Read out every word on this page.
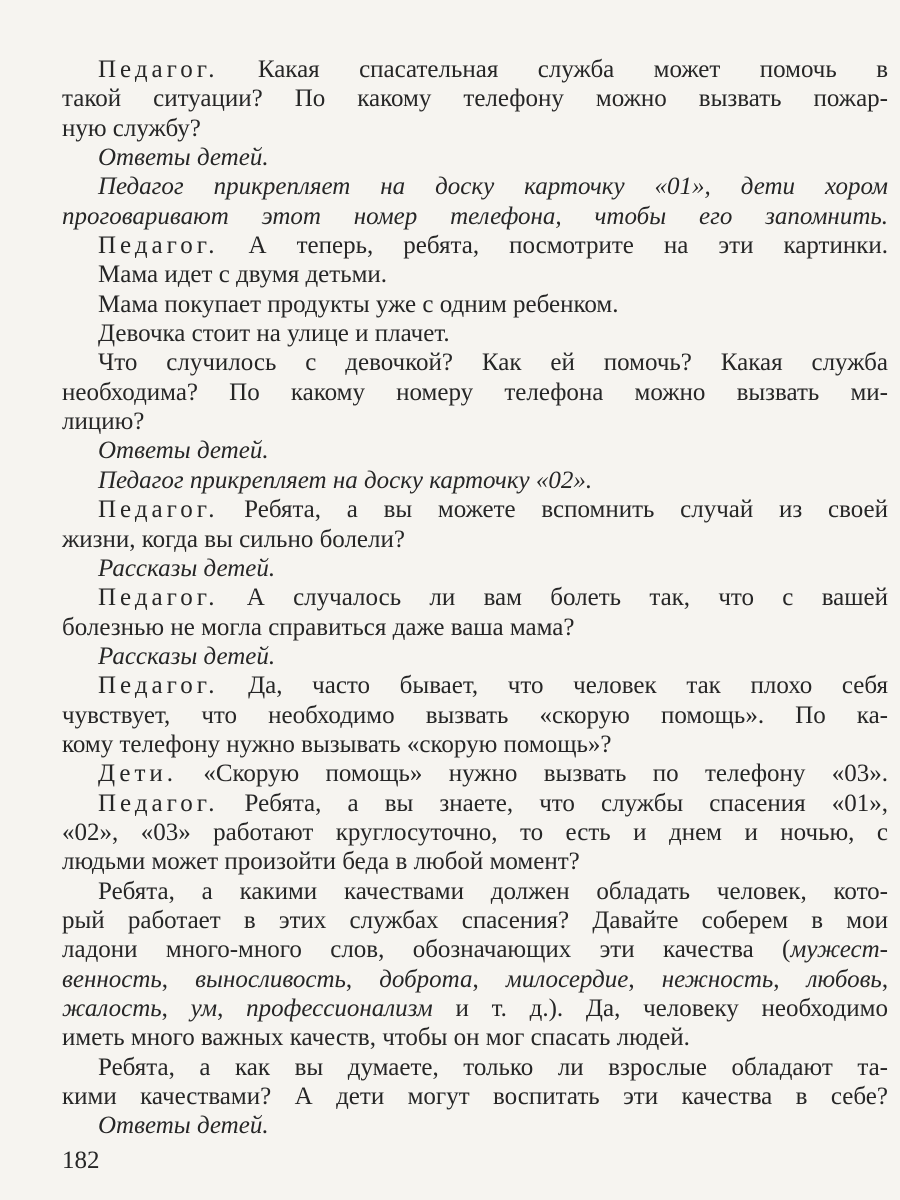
Педагог. Какая спасательная служба может помочь в
такой ситуации? По какому телефону можно вызвать пожар-
ную службу?
Ответы детей.
Педагог прикрепляет на доску карточку «01», дети хором
проговаривают этот номер телефона, чтобы его запомнить.
Педагог. А теперь, ребята, посмотрите на эти картинки.
Мама идет с двумя детьми.
Мама покупает продукты уже с одним ребенком.
Девочка стоит на улице и плачет.
Что случилось с девочкой? Как ей помочь? Какая служба
необходима? По какому номеру телефона можно вызвать ми-
лицию?
Ответы детей.
Педагог прикрепляет на доску карточку «02».
Педагог. Ребята, а вы можете вспомнить случай из своей
жизни, когда вы сильно болели?
Рассказы детей.
Педагог. А случалось ли вам болеть так, что с вашей
болезнью не могла справиться даже ваша мама?
Рассказы детей.
Педагог. Да, часто бывает, что человек так плохо себя
чувствует, что необходимо вызвать «скорую помощь». По ка-
кому телефону нужно вызывать «скорую помощь»?
Дети. «Скорую помощь» нужно вызвать по телефону «03».
Педагог. Ребята, а вы знаете, что службы спасения «01»,
«02», «03» работают круглосуточно, то есть и днем и ночью, с
людьми может произойти беда в любой момент?
Ребята, а какими качествами должен обладать человек, кото-
рый работает в этих службах спасения? Давайте соберем в мои
ладони много-много слов, обозначающих эти качества (мужест-
венность, выносливость, доброта, милосердие, нежность, любовь,
жалость, ум, профессионализм и т. д.). Да, человеку необходимо
иметь много важных качеств, чтобы он мог спасать людей.
Ребята, а как вы думаете, только ли взрослые обладают та-
кими качествами? А дети могут воспитать эти качества в себе?
Ответы детей.
182
